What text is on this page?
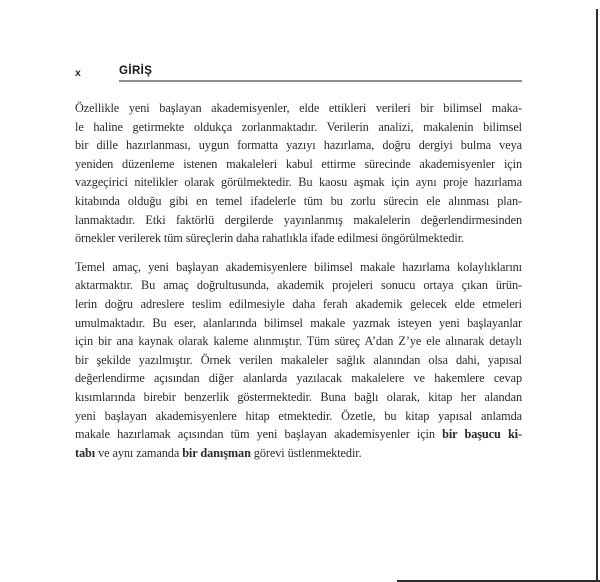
x	GİRİŞ
Özellikle yeni başlayan akademisyenler, elde ettikleri verileri bir bilimsel maka-
le haline getirmekte oldukça zorlanmaktadır. Verilerin analizi, makalenin bilimsel
bir dille hazırlanması, uygun formatta yazıyı hazırlama, doğru dergiyi bulma veya
yeniden düzenleme istenen makaleleri kabul ettirme sürecinde akademisyenler için
vazgeçirici nitelikler olarak görülmektedir. Bu kaosu aşmak için aynı proje hazırlama
kitabında olduğu gibi en temel ifadelerle tüm bu zorlu sürecin ele alınması plan-
lanmaktadır. Etki faktörlü dergilerde yayınlanmış makalelerin değerlendirmesinden
örnekler verilerek tüm süreçlerin daha rahatlıkla ifade edilmesi öngörülmektedir.
Temel amaç, yeni başlayan akademisyenlere bilimsel makale hazırlama kolaylıklarını
aktarmaktır. Bu amaç doğrultusunda, akademik projeleri sonucu ortaya çıkan ürün-
lerin doğru adreslere teslim edilmesiyle daha ferah akademik gelecek elde etmeleri
umulmaktadır. Bu eser, alanlarında bilimsel makale yazmak isteyen yeni başlayanlar
için bir ana kaynak olarak kaleme alınmıştır. Tüm süreç A’dan Z’ye ele alınarak detaylı
bir şekilde yazılmıştır. Örnek verilen makaleler sağlık alanından olsa dahi, yapısal
değerlendirme açısından diğer alanlarda yazılacak makalelere ve hakemlere cevap
kısımlarında birebir benzerlik göstermektedir. Buna bağlı olarak, kitap her alandan
yeni başlayan akademisyenlere hitap etmektedir. Özetle, bu kitap yapısal anlamda
makale hazırlamak açısından tüm yeni başlayan akademisyenler için bir başucu ki-
tabı ve aynı zamanda bir danışman görevi üstlenmektedir.
